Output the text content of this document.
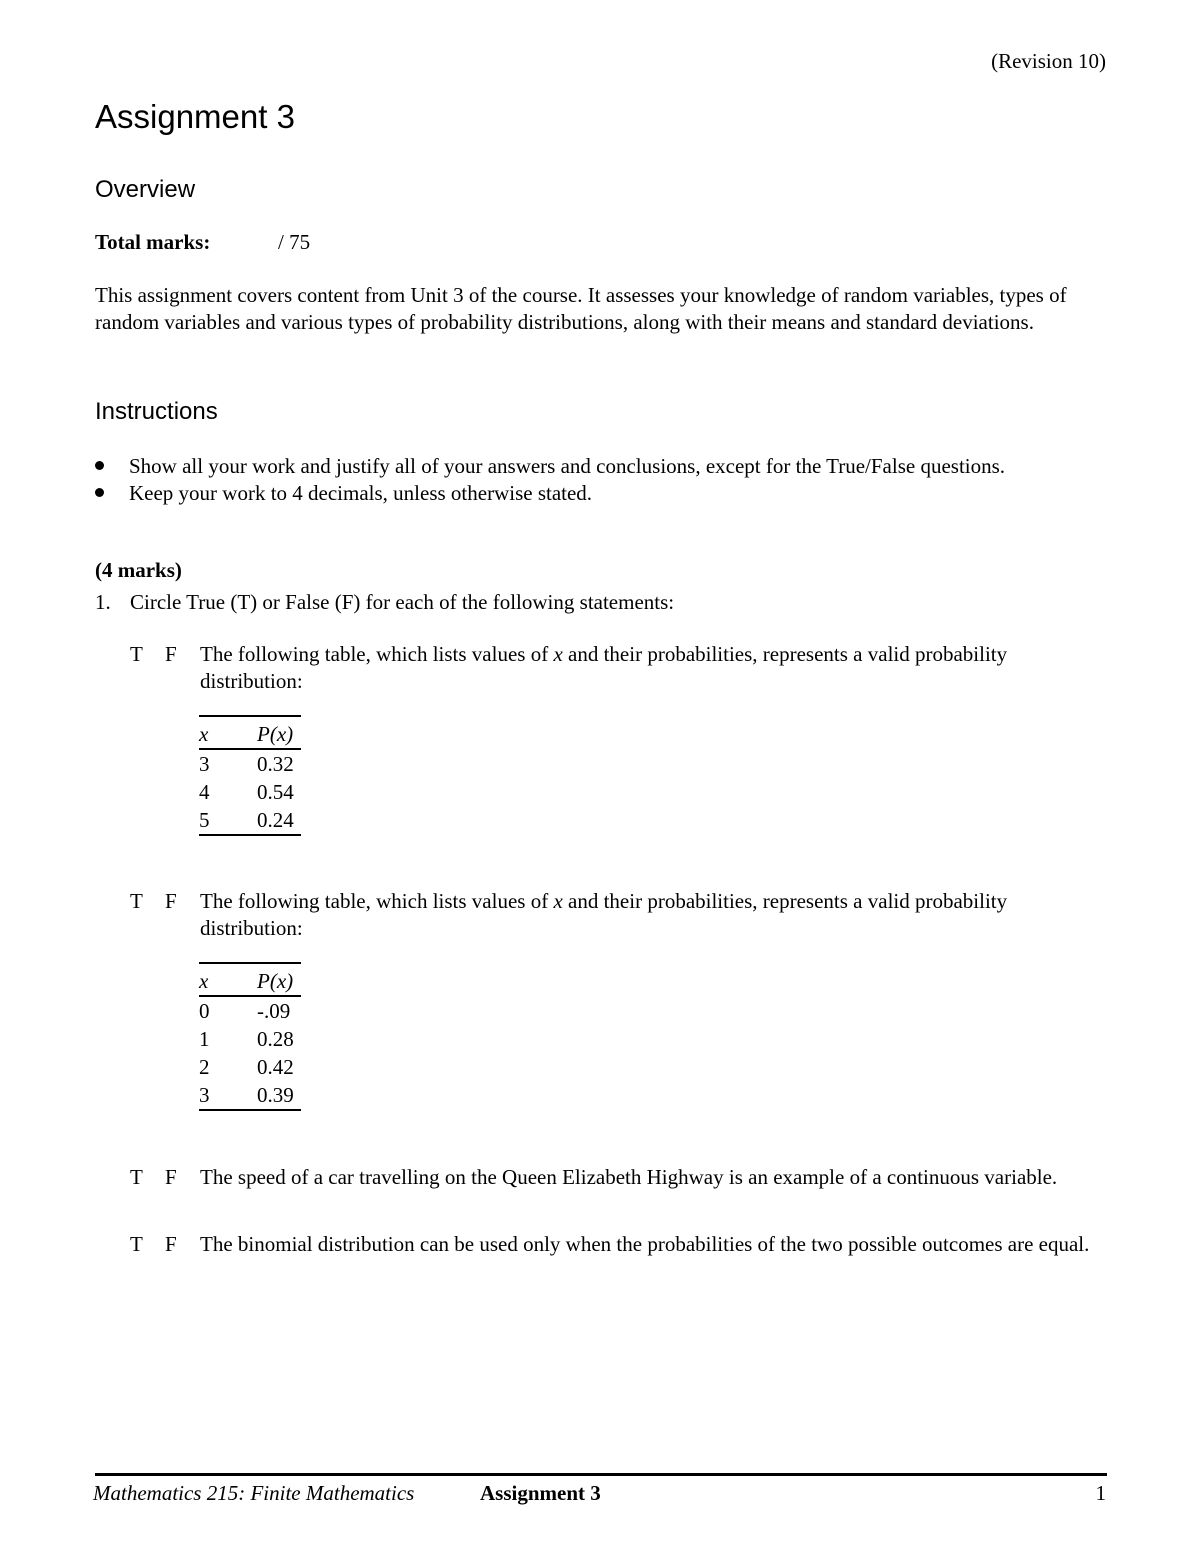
(Revision 10)
Assignment 3
Overview
Total marks:	/ 75

This assignment covers content from Unit 3 of the course. It assesses your knowledge of random variables, types of random variables and various types of probability distributions, along with their means and standard deviations.

Instructions
Show all your work and justify all of your answers and conclusions, except for the True/False questions.
Keep your work to 4 decimals, unless otherwise stated.
(4 marks)
1. Circle True (T) or False (F) for each of the following statements:
T F The following table, which lists values of x and their probabilities, represents a valid probability distribution:
x	P(x)
3	0.32
4	0.54
5	0.24
T F The following table, which lists values of x and their probabilities, represents a valid probability distribution:
x	P(x)
0	-.09
1	0.28
2	0.42
3	0.39
T F The speed of a car travelling on the Queen Elizabeth Highway is an example of a continuous variable.
T F The binomial distribution can be used only when the probabilities of the two possible outcomes are equal.
Mathematics 215: Finite Mathematics	Assignment 3	1
